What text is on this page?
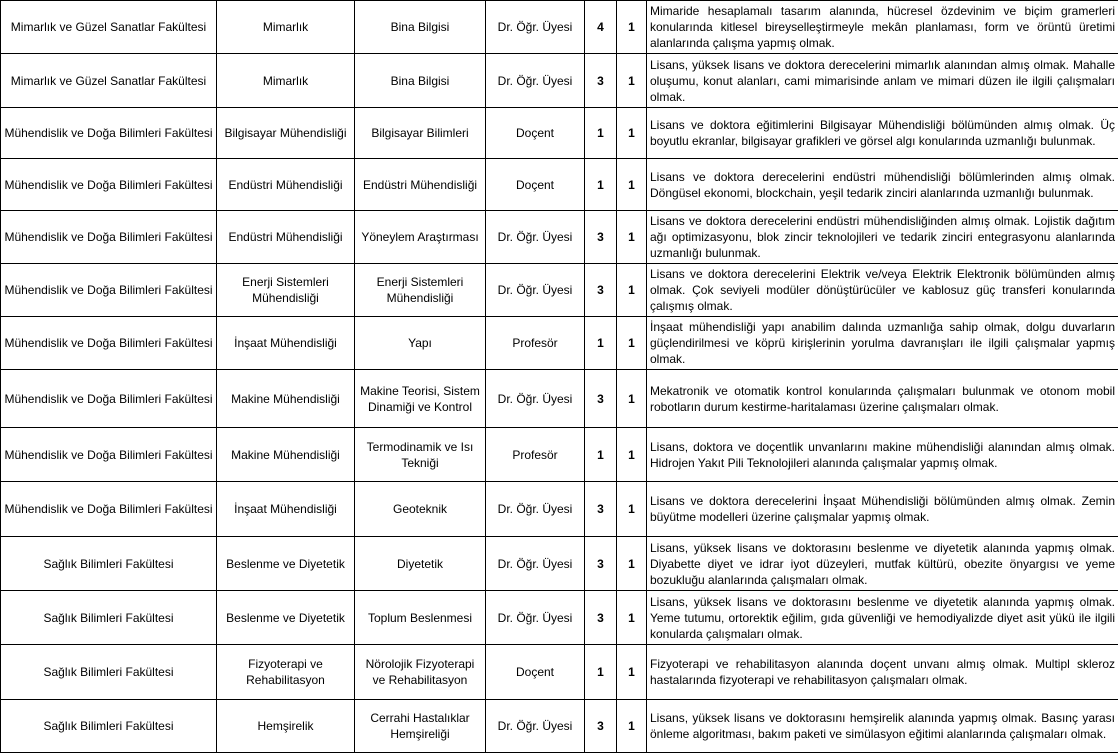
Mimarlık ve Güzel Sanatlar Fakültesi	Mimarlık	Bina Bilgisi	Dr. Öğr. Üyesi	4	1	Mimaride hesaplamalı tasarım alanında, hücresel özdevinim ve biçim gramerleri konularında kitlesel bireyselleştirmeyle mekân planlaması, form ve örüntü üretimi alanlarında çalışma yapmış olmak.
Mimarlık ve Güzel Sanatlar Fakültesi	Mimarlık	Bina Bilgisi	Dr. Öğr. Üyesi	3	1	Lisans, yüksek lisans ve doktora derecelerini mimarlık alanından almış olmak. Mahalle oluşumu, konut alanları, cami mimarisinde anlam ve mimari düzen ile ilgili çalışmaları olmak.
Mühendislik ve Doğa Bilimleri Fakültesi	Bilgisayar Mühendisliği	Bilgisayar Bilimleri	Doçent	1	1	Lisans ve doktora eğitimlerini Bilgisayar Mühendisliği bölümünden almış olmak. Üç boyutlu ekranlar, bilgisayar grafikleri ve görsel algı konularında uzmanlığı bulunmak.
Mühendislik ve Doğa Bilimleri Fakültesi	Endüstri Mühendisliği	Endüstri Mühendisliği	Doçent	1	1	Lisans ve doktora derecelerini endüstri mühendisliği bölümlerinden almış olmak. Döngüsel ekonomi, blockchain, yeşil tedarik zinciri alanlarında uzmanlığı bulunmak.
Mühendislik ve Doğa Bilimleri Fakültesi	Endüstri Mühendisliği	Yöneylem Araştırması	Dr. Öğr. Üyesi	3	1	Lisans ve doktora derecelerini endüstri mühendisliğinden almış olmak. Lojistik dağıtım ağı optimizasyonu, blok zincir teknolojileri ve tedarik zinciri entegrasyonu alanlarında uzmanlığı bulunmak.
Mühendislik ve Doğa Bilimleri Fakültesi	Enerji Sistemleri Mühendisliği	Enerji Sistemleri Mühendisliği	Dr. Öğr. Üyesi	3	1	Lisans ve doktora derecelerini Elektrik ve/veya Elektrik Elektronik bölümünden almış olmak. Çok seviyeli modüler dönüştürücüler ve kablosuz güç transferi konularında çalışmış olmak.
Mühendislik ve Doğa Bilimleri Fakültesi	İnşaat Mühendisliği	Yapı	Profesör	1	1	İnşaat mühendisliği yapı anabilim dalında uzmanlığa sahip olmak, dolgu duvarların güçlendirilmesi ve köprü kirişlerinin yorulma davranışları ile ilgili çalışmalar yapmış olmak.
Mühendislik ve Doğa Bilimleri Fakültesi	Makine Mühendisliği	Makine Teorisi, Sistem Dinamiği ve Kontrol	Dr. Öğr. Üyesi	3	1	Mekatronik ve otomatik kontrol konularında çalışmaları bulunmak ve otonom mobil robotların durum kestirme-haritalaması üzerine çalışmaları olmak.
Mühendislik ve Doğa Bilimleri Fakültesi	Makine Mühendisliği	Termodinamik ve Isı Tekniği	Profesör	1	1	Lisans, doktora ve doçentlik unvanlarını makine mühendisliği alanından almış olmak. Hidrojen Yakıt Pili Teknolojileri alanında çalışmalar yapmış olmak.
Mühendislik ve Doğa Bilimleri Fakültesi	İnşaat Mühendisliği	Geoteknik	Dr. Öğr. Üyesi	3	1	Lisans ve doktora derecelerini İnşaat Mühendisliği bölümünden almış olmak. Zemin büyütme modelleri üzerine çalışmalar yapmış olmak.
Sağlık Bilimleri Fakültesi	Beslenme ve Diyetetik	Diyetetik	Dr. Öğr. Üyesi	3	1	Lisans, yüksek lisans ve doktorasını beslenme ve diyetetik alanında yapmış olmak. Diyabette diyet ve idrar iyot düzeyleri, mutfak kültürü, obezite önyargısı ve yeme bozukluğu alanlarında çalışmaları olmak.
Sağlık Bilimleri Fakültesi	Beslenme ve Diyetetik	Toplum Beslenmesi	Dr. Öğr. Üyesi	3	1	Lisans, yüksek lisans ve doktorasını beslenme ve diyetetik alanında yapmış olmak. Yeme tutumu, ortorektik eğilim, gıda güvenliği ve hemodiyalizde diyet asit yükü ile ilgili konularda çalışmaları olmak.
Sağlık Bilimleri Fakültesi	Fizyoterapi ve Rehabilitasyon	Nörolojik Fizyoterapi ve Rehabilitasyon	Doçent	1	1	Fizyoterapi ve rehabilitasyon alanında doçent unvanı almış olmak. Multipl skleroz hastalarında fizyoterapi ve rehabilitasyon çalışmaları olmak.
Sağlık Bilimleri Fakültesi	Hemşirelik	Cerrahi Hastalıklar Hemşireliği	Dr. Öğr. Üyesi	3	1	Lisans, yüksek lisans ve doktorasını hemşirelik alanında yapmış olmak. Basınç yarası önleme algoritması, bakım paketi ve simülasyon eğitimi alanlarında çalışmaları olmak.
